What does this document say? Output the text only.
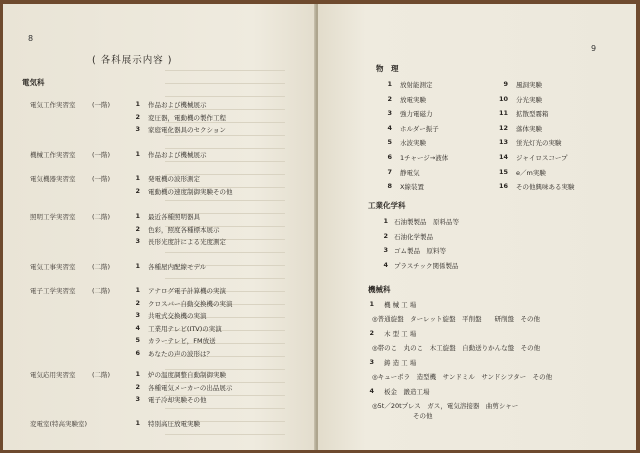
8
( 各科展示内容 )
電気科
電気工作実習室	(一階)	1 作品および機械展示
2 変圧器，電動機の製作工程
3 家庭電化器具のセクション
機械工作実習室	(一階)	1 作品および機械展示
電気機器実習室	(一階)	1 発電機の波形測定
2 電動機の速度制御実験その他
照明工学実習室	(二階)	1 最近各種照明器具
2 色彩，照度各種標本展示
3 長形光度計による光度測定
電気工事実習室	(二階)	1 各種屋内配線モデル
電子工学実習室	(二階)	1 アナログ電子計算機の実演
2 クロスバー自動交換機の実演
3 共電式交換機の実演
4 工業用テレビ(ITV)の実演
5 カラーテレビ，FM放送
6 あなたの声の波形は？
電気応用実習室	(二階)	1 炉の温度調整自動制御実験
2 各種電気メーカーの出品展示
3 電子冷却実験その他
変電室(特高実験室)	1 特別高圧放電実験
9
物　理
1 放射能測定
2 放電実験
3 強力電磁力
4 ホルダー振子
5 水波実験
6 1チャージ→液体
7 静電気
8 X線装置
9 風洞実験
10 分光実験
11 拡散型霧箱
12 落体実験
13 蛍光灯光の実験
14 ジャイロスコープ
15 e／m実験
16 その他興味ある実験
工業化学科
1 石油製製品　原料品等
2 石油化学製品
3 ゴム製品　原料等
4 プラスチック関係製品
機械科
1 機 械 工 場
◎普通旋盤　ターレット旋盤　平削盤　　研削盤　その他
2 木 型 工 場
◎帯のこ　丸のこ　木工旋盤　自動送りかんな盤　その他
3 鋳 造 工 場
◎キューポラ　造型機　サンドミル　サンドシフター　その他
4 板金　鍛造工場
◎5t／20tプレス　ガス，電気溶接器　曲剪シャー
その他
